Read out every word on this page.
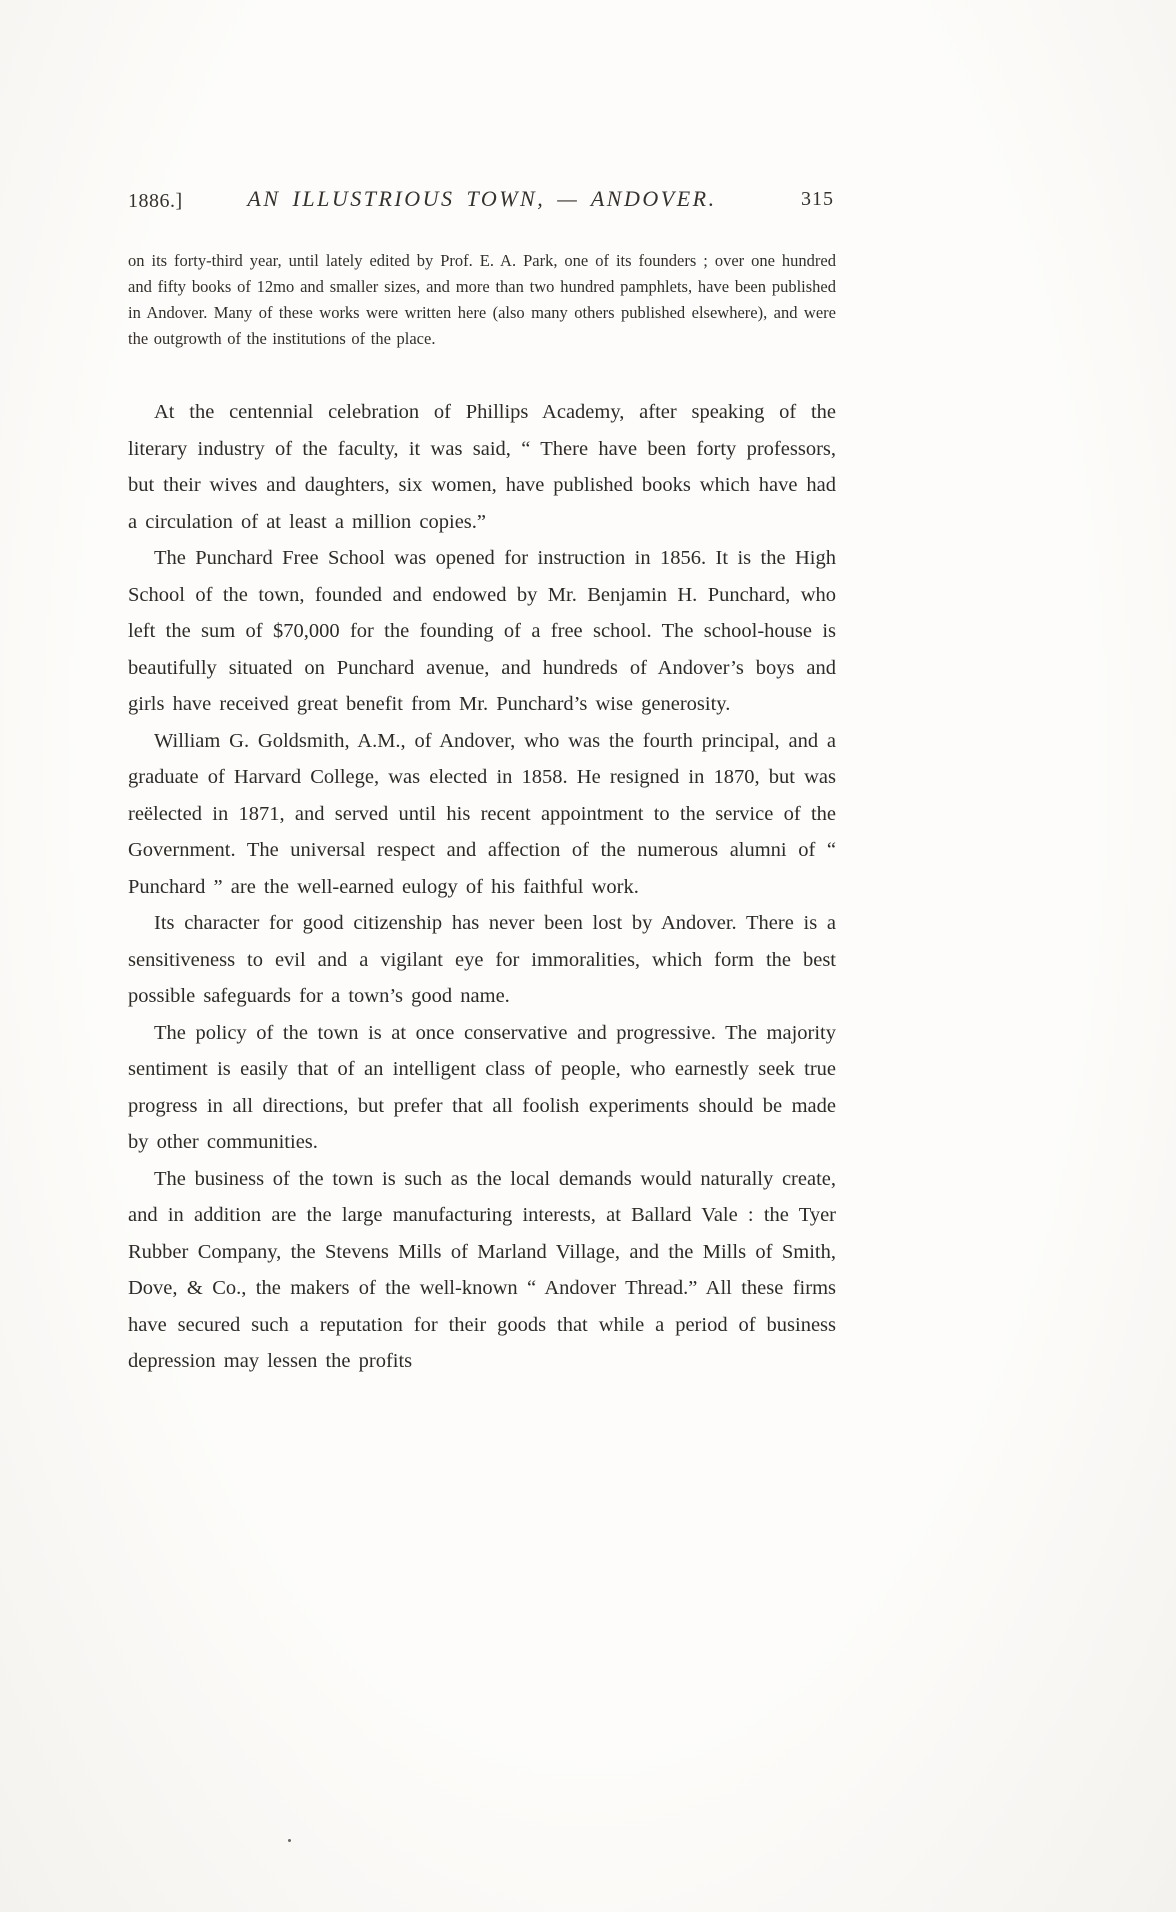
1886.]	AN ILLUSTRIOUS TOWN, — ANDOVER.	315

on its forty-third year, until lately edited by Prof. E. A. Park, one of its founders ; over one hundred and fifty books of 12mo and smaller sizes, and more than two hundred pamphlets, have been published in Andover. Many of these works were written here (also many others published elsewhere), and were the outgrowth of the institutions of the place.

At the centennial celebration of Phillips Academy, after speaking of the literary industry of the faculty, it was said, “ There have been forty professors, but their wives and daughters, six women, have published books which have had a circulation of at least a million copies.”

The Punchard Free School was opened for instruction in 1856. It is the High School of the town, founded and endowed by Mr. Benjamin H. Punchard, who left the sum of $70,000 for the founding of a free school. The school-house is beautifully situated on Punchard avenue, and hundreds of Andover’s boys and girls have received great benefit from Mr. Punchard’s wise generosity.

William G. Goldsmith, A.M., of Andover, who was the fourth principal, and a graduate of Harvard College, was elected in 1858. He resigned in 1870, but was reëlected in 1871, and served until his recent appointment to the service of the Government. The universal respect and affection of the numerous alumni of “ Punchard ” are the well-earned eulogy of his faithful work.

Its character for good citizenship has never been lost by Andover. There is a sensitiveness to evil and a vigilant eye for immoralities, which form the best possible safeguards for a town’s good name.

The policy of the town is at once conservative and progressive. The majority sentiment is easily that of an intelligent class of people, who earnestly seek true progress in all directions, but prefer that all foolish experiments should be made by other communities.

The business of the town is such as the local demands would naturally create, and in addition are the large manufacturing interests, at Ballard Vale : the Tyer Rubber Company, the Stevens Mills of Marland Village, and the Mills of Smith, Dove, & Co., the makers of the well-known “ Andover Thread.” All these firms have secured such a reputation for their goods that while a period of business depression may lessen the profits
